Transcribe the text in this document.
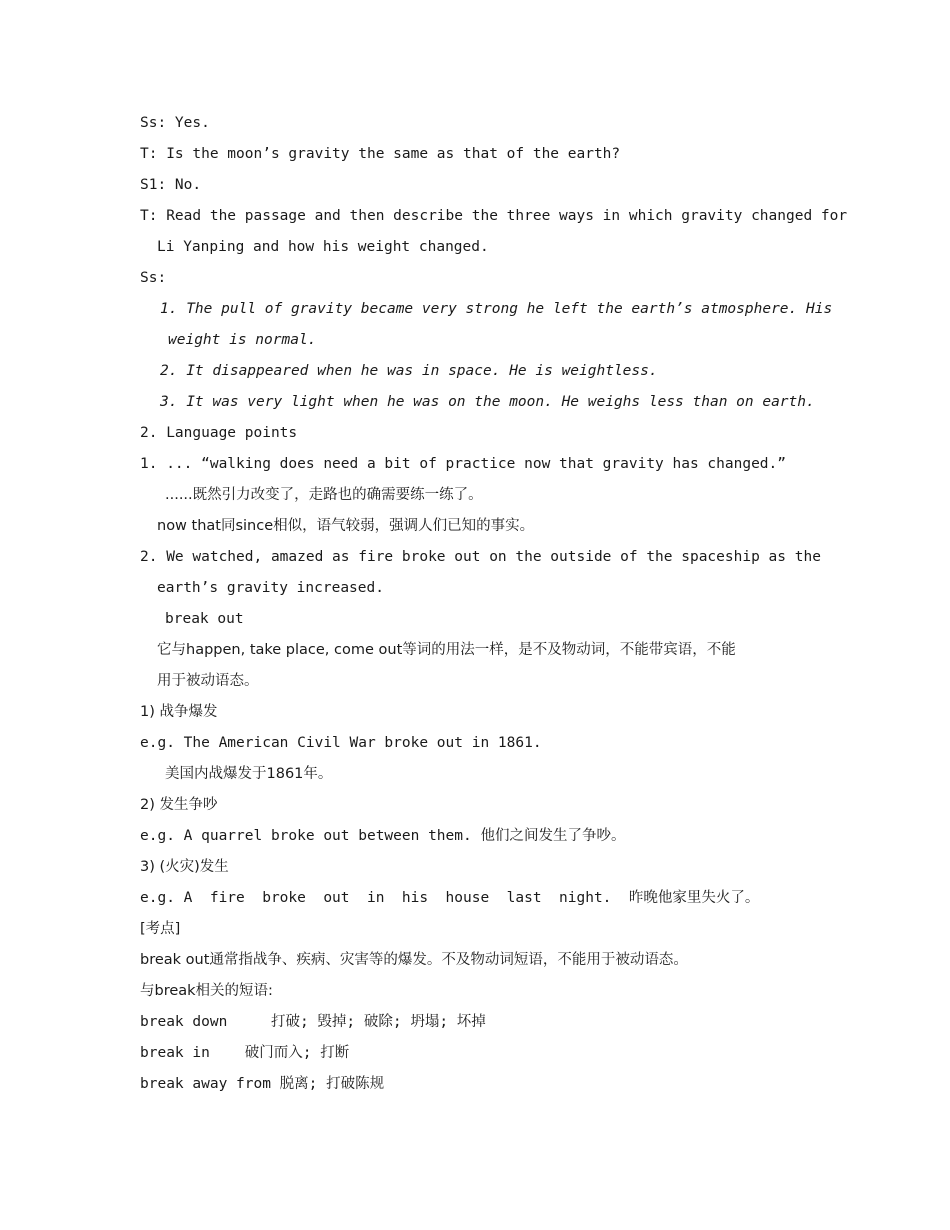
Ss: Yes.
T: Is the moon’s gravity the same as that of the earth?
S1: No.
T: Read the passage and then describe the three ways in which gravity changed for
Li Yanping and how his weight changed.
Ss:
1. The pull of gravity became very strong he left the earth’s atmosphere. His
weight is normal.
2. It disappeared when he was in space. He is weightless.
3. It was very light when he was on the moon. He weighs less than on earth.
2. Language points
1. ... “walking does need a bit of practice now that gravity has changed.”
......既然引力改变了，走路也的确需要练一练了。
now that同since相似，语气较弱，强调人们已知的事实。
2. We watched, amazed as fire broke out on the outside of the spaceship as the
earth’s gravity increased.
break out
它与happen, take place, come out等词的用法一样，是不及物动词，不能带宾语，不能
用于被动语态。
1) 战争爆发
e.g. The American Civil War broke out in 1861.
美国内战爆发于1861年。
2) 发生争吵
e.g. A quarrel broke out between them. 他们之间发生了争吵。
3) (火灾)发生
e.g. A  fire  broke  out  in  his  house  last  night.  昨晚他家里失火了。
[考点]
break out通常指战争、疾病、灾害等的爆发。不及物动词短语，不能用于被动语态。
与break相关的短语:
break down     打破; 毁掉; 破除; 坍塌; 坏掉
break in    破门而入; 打断
break away from 脱离; 打破陈规
